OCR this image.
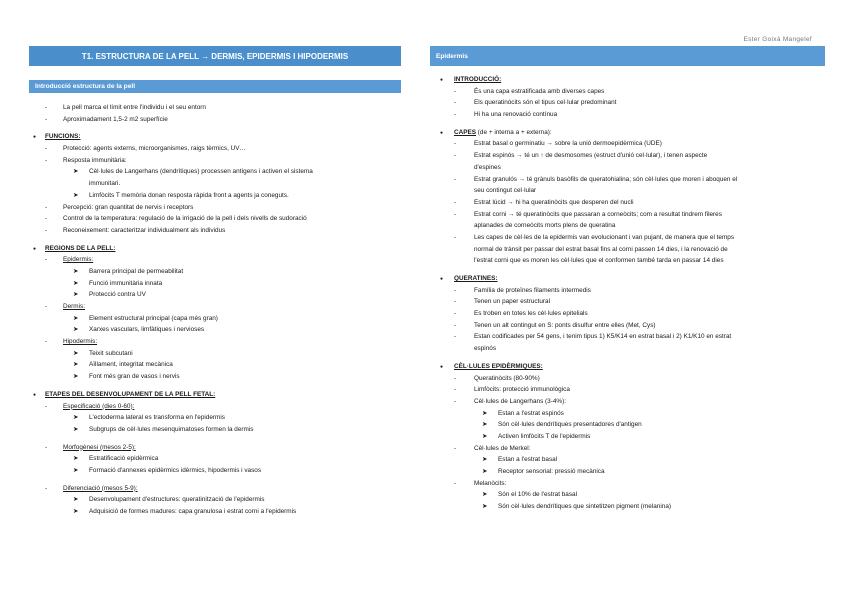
Ester Goixà Mangelef
T1. ESTRUCTURA DE LA PELL → DERMIS, EPIDERMIS I HIPODERMIS
Introducció estructura de la pell
- La pell marca el límit entre l'individu i el seu entorn
- Aproximadament 1,5-2 m2 superfície
●
FUNCIONS:
- Protecció: agents externs, microorganismes, raigs tèrmics, UV…
- Resposta immunitària:
➤ Cèl·lules de Langerhans (dendrítiques) processen antígens i activen el sistema
immunitari.
➤ Limfòcits T memòria donan resposta ràpida front a agents ja coneguts.
- Percepció: gran quantitat de nervis i receptors
- Control de la temperatura: regulació de la irrigació de la pell i dels nivells de sudoració
- Reconeixement: caracteritzar individualment als individus
●
REGIONS DE LA PELL:
- Epidermis:
➤ Barrera principal de permeabilitat
➤ Funció immunitària innata
➤ Protecció contra UV
- Dermis:
➤ Element estructural principal (capa més gran)
➤ Xarxes vasculars, limfàtiques i nervioses
- Hipodermis:
➤ Teixit subcutani
➤ Aïllament, integritat mecànica
➤ Font més gran de vasos i nervis
●
ETAPES DEL DESENVOLUPAMENT DE LA PELL FETAL:
- Especificació (dies 0-60):
➤ L'ectoderma lateral es transforma en l'epidermis
➤ Subgrups de cèl·lules mesenquimatoses formen la dermis
- Morfogènesi (mesos 2-5):
➤ Estratificació epidèrmica
➤ Formació d'annexes epidèrmics idèrmics, hipodermis i vasos
- Diferenciació (mesos 5-9):
➤ Desenvolupament d'estructures: queratinització de l'epidermis
➤ Adquisició de formes madures: capa granulosa i estrat corni a l'epidermis
Epidermis
●
INTRODUCCIÓ:
-	És una capa estratificada amb diverses capes
-	Els queratinòcits són el tipus cel·lular predominant
-	Hi ha una renovació contínua
●
CAPES (de + interna a + externa):
-	Estrat basal o germinatiu → sobre la unió dermoepidèrmica (UDE)
-	Estrat espinós → té un ↑ de desmosomes (estruct d'unió cel·lular), i tenen aspecte
d'espines
-	Estrat granulós → té grànuls basòfils de queratohialina; són cèl·lules que moren i aboquen el
seu contingut cel·lular
-	Estrat lúcid → hi ha queratinòcits que desperen del nucli
-	Estrat corni → té queratinòcits que passaran a corneòcits; com a resultat tindrem fileres
aplanades de corneòcits morts plens de queratina
-	Les capes de cèl·les de la epidermis van evolucionant i van pujant, de manera que el temps
normal de trànsit per passar del estrat basal fins al corni passen 14 dies, i la renovació de
l'estrat corni que es moren les cèl·lules que el conformen també tarda en passar 14 dies
●
QUERATINES:
-	Família de proteïnes filaments intermedis
-	Tenen un paper estructural
-	Es troben en totes les cèl·lules epitelials
-	Tenen un alt contingut en S: ponts disulfur entre elles (Met, Cys)
-	Estan codificades per 54 gens, i tenim tipus 1) K5/K14 en estrat basal i 2) K1/K10 en estrat
espinós
●
CÈL·LULES EPIDÈRMIQUES:
-	Queratinòcits (80-90%)
-	Limfòcits: protecció immunològica
-	Cèl·lules de Langerhans (3-4%):
➤ Estan a l'estrat espinós
➤ Són cèl·lules dendrítiques presentadores d'antigen
➤ Activen limfòcits T de l'epidermis
-	Cèl·lules de Merkel:
➤ Estan a l'estrat basal
➤ Receptor sensorial: pressió mecànica
-	Melanòcits:
➤ Són el 10% de l'estrat basal
➤ Són cèl·lules dendrítiques que sintetitzen pigment (melanina)
